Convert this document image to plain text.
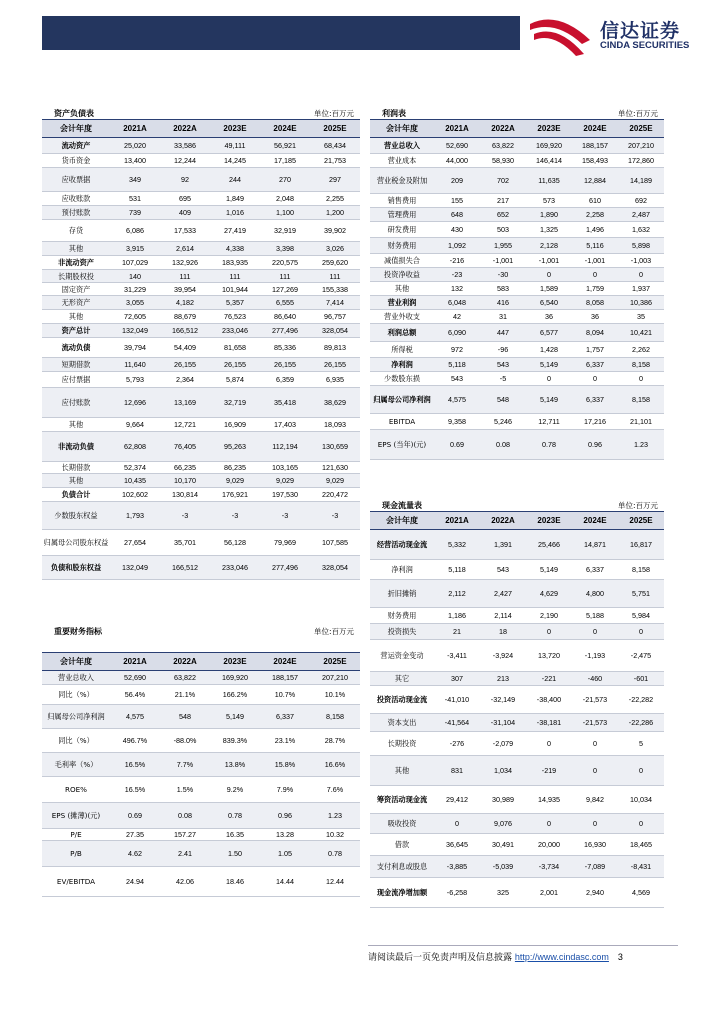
信达证券
CINDA SECURITIES
资产负债表	单位:百万元
会计年度	2021A	2022A	2023E	2024E	2025E
流动资产	25,020	33,586	49,111	56,921	68,434
货币资金	13,400	12,244	14,245	17,185	21,753
应收票据	349	92	244	270	297
应收账款	531	695	1,849	2,048	2,255
预付账款	739	409	1,016	1,100	1,200
存货	6,086	17,533	27,419	32,919	39,902
其他	3,915	2,614	4,338	3,398	3,026
非流动资产	107,029	132,926	183,935	220,575	259,620
长期股权投	140	111	111	111	111
固定资产	31,229	39,954	101,944	127,269	155,338
无形资产	3,055	4,182	5,357	6,555	7,414
其他	72,605	88,679	76,523	86,640	96,757
资产总计	132,049	166,512	233,046	277,496	328,054
流动负债	39,794	54,409	81,658	85,336	89,813
短期借款	11,640	26,155	26,155	26,155	26,155
应付票据	5,793	2,364	5,874	6,359	6,935
应付账款	12,696	13,169	32,719	35,418	38,629
其他	9,664	12,721	16,909	17,403	18,093
非流动负债	62,808	76,405	95,263	112,194	130,659
长期借款	52,374	66,235	86,235	103,165	121,630
其他	10,435	10,170	9,029	9,029	9,029
负债合计	102,602	130,814	176,921	197,530	220,472
少数股东权益	1,793	-3	-3	-3	-3
归属母公司股东权益	27,654	35,701	56,128	79,969	107,585
负债和股东权益	132,049	166,512	233,046	277,496	328,054
重要财务指标	单位:百万元
会计年度	2021A	2022A	2023E	2024E	2025E
营业总收入	52,690	63,822	169,920	188,157	207,210
同比（%）	56.4%	21.1%	166.2%	10.7%	10.1%
归属母公司净利润	4,575	548	5,149	6,337	8,158
同比（%）	496.7%	-88.0%	839.3%	23.1%	28.7%
毛利率（%）	16.5%	7.7%	13.8%	15.8%	16.6%
ROE%	16.5%	1.5%	9.2%	7.9%	7.6%
EPS (摊薄)(元)	0.69	0.08	0.78	0.96	1.23
P/E	27.35	157.27	16.35	13.28	10.32
P/B	4.62	2.41	1.50	1.05	0.78
EV/EBITDA	24.94	42.06	18.46	14.44	12.44
利润表	单位:百万元
会计年度	2021A	2022A	2023E	2024E	2025E
营业总收入	52,690	63,822	169,920	188,157	207,210
营业成本	44,000	58,930	146,414	158,493	172,860
营业税金及附加	209	702	11,635	12,884	14,189
销售费用	155	217	573	610	692
管理费用	648	652	1,890	2,258	2,487
研发费用	430	503	1,325	1,496	1,632
财务费用	1,092	1,955	2,128	5,116	5,898
减值损失合	-216	-1,001	-1,001	-1,001	-1,003
投资净收益	-23	-30	0	0	0
其他	132	583	1,589	1,759	1,937
营业利润	6,048	416	6,540	8,058	10,386
营业外收支	42	31	36	36	35
利润总额	6,090	447	6,577	8,094	10,421
所得税	972	-96	1,428	1,757	2,262
净利润	5,118	543	5,149	6,337	8,158
少数股东损	543	-5	0	0	0
归属母公司净利润	4,575	548	5,149	6,337	8,158
EBITDA	9,358	5,246	12,711	17,216	21,101
EPS (当年)(元)	0.69	0.08	0.78	0.96	1.23
现金流量表	单位:百万元
会计年度	2021A	2022A	2023E	2024E	2025E
经营活动现金流	5,332	1,391	25,466	14,871	16,817
净利润	5,118	543	5,149	6,337	8,158
折旧摊销	2,112	2,427	4,629	4,800	5,751
财务费用	1,186	2,114	2,190	5,188	5,984
投资损失	21	18	0	0	0
营运资金变动	-3,411	-3,924	13,720	-1,193	-2,475
其它	307	213	-221	-460	-601
投资活动现金流	-41,010	-32,149	-38,400	-21,573	-22,282
资本支出	-41,564	-31,104	-38,181	-21,573	-22,286
长期投资	-276	-2,079	0	0	5
其他	831	1,034	-219	0	0
筹资活动现金流	29,412	30,989	14,935	9,842	10,034
吸收投资	0	9,076	0	0	0
借款	36,645	30,491	20,000	16,930	18,465
支付利息或股息	-3,885	-5,039	-3,734	-7,089	-8,431
现金流净增加额	-6,258	325	2,001	2,940	4,569
请阅读最后一页免责声明及信息披露 http://www.cindasc.com 3
